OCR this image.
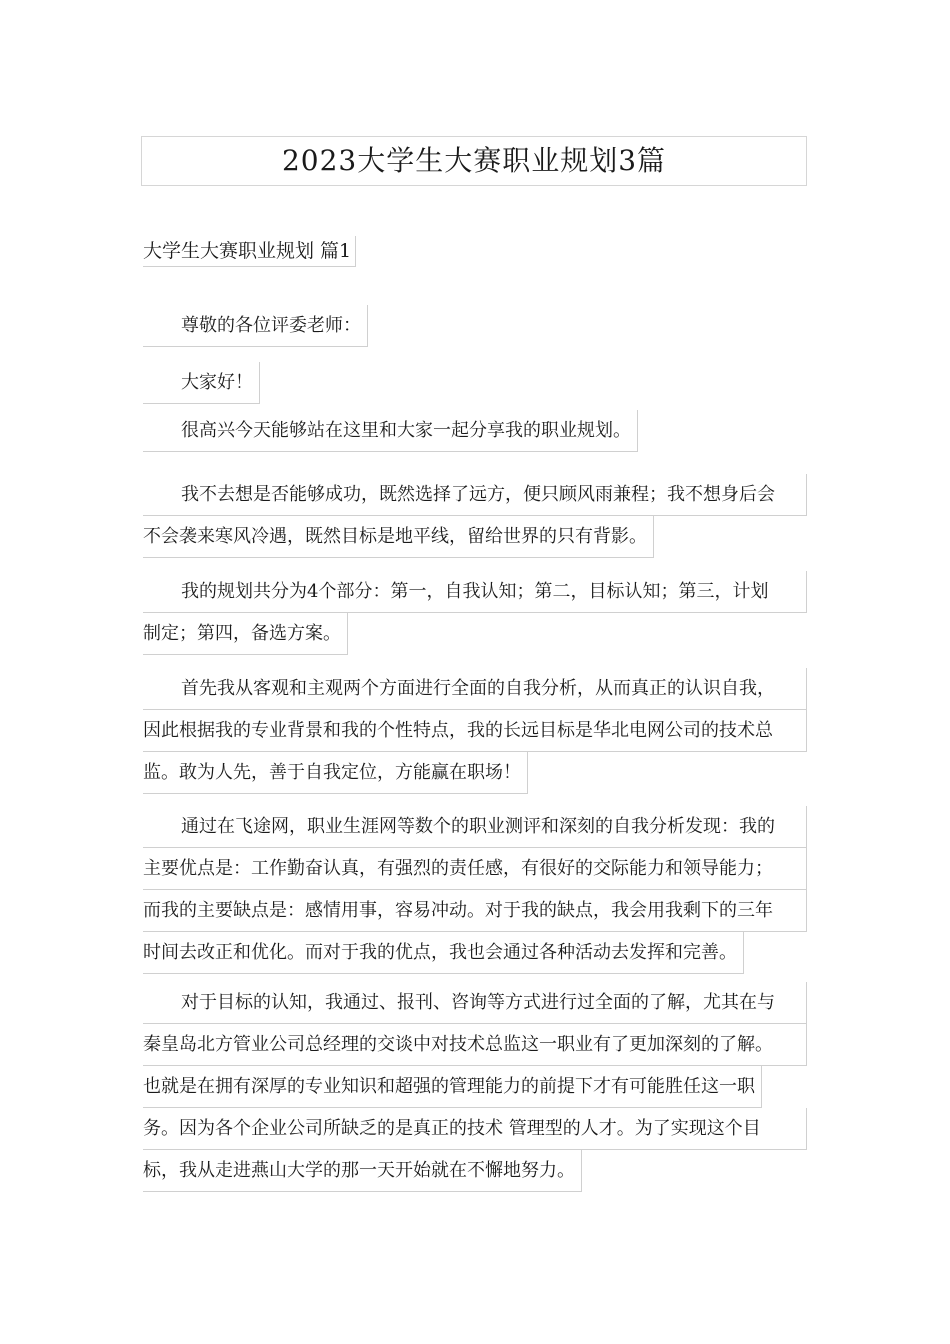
2023大学生大赛职业规划3篇
大学生大赛职业规划 篇1
尊敬的各位评委老师：
大家好！
很高兴今天能够站在这里和大家一起分享我的职业规划。
我不去想是否能够成功，既然选择了远方，便只顾风雨兼程；我不想身后会
不会袭来寒风冷遇，既然目标是地平线，留给世界的只有背影。
我的规划共分为4个部分：第一，自我认知；第二，目标认知；第三，计划
制定；第四，备选方案。
首先我从客观和主观两个方面进行全面的自我分析，从而真正的认识自我，
因此根据我的专业背景和我的个性特点，我的长远目标是华北电网公司的技术总
监。敢为人先，善于自我定位，方能赢在职场！
通过在飞途网，职业生涯网等数个的职业测评和深刻的自我分析发现：我的
主要优点是：工作勤奋认真，有强烈的责任感，有很好的交际能力和领导能力；
而我的主要缺点是：感情用事，容易冲动。对于我的缺点，我会用我剩下的三年
时间去改正和优化。而对于我的优点，我也会通过各种活动去发挥和完善。
对于目标的认知，我通过、报刊、咨询等方式进行过全面的了解，尤其在与
秦皇岛北方管业公司总经理的交谈中对技术总监这一职业有了更加深刻的了解。
也就是在拥有深厚的专业知识和超强的管理能力的前提下才有可能胜任这一职
务。因为各个企业公司所缺乏的是真正的技术 管理型的人才。为了实现这个目
标，我从走进燕山大学的那一天开始就在不懈地努力。
